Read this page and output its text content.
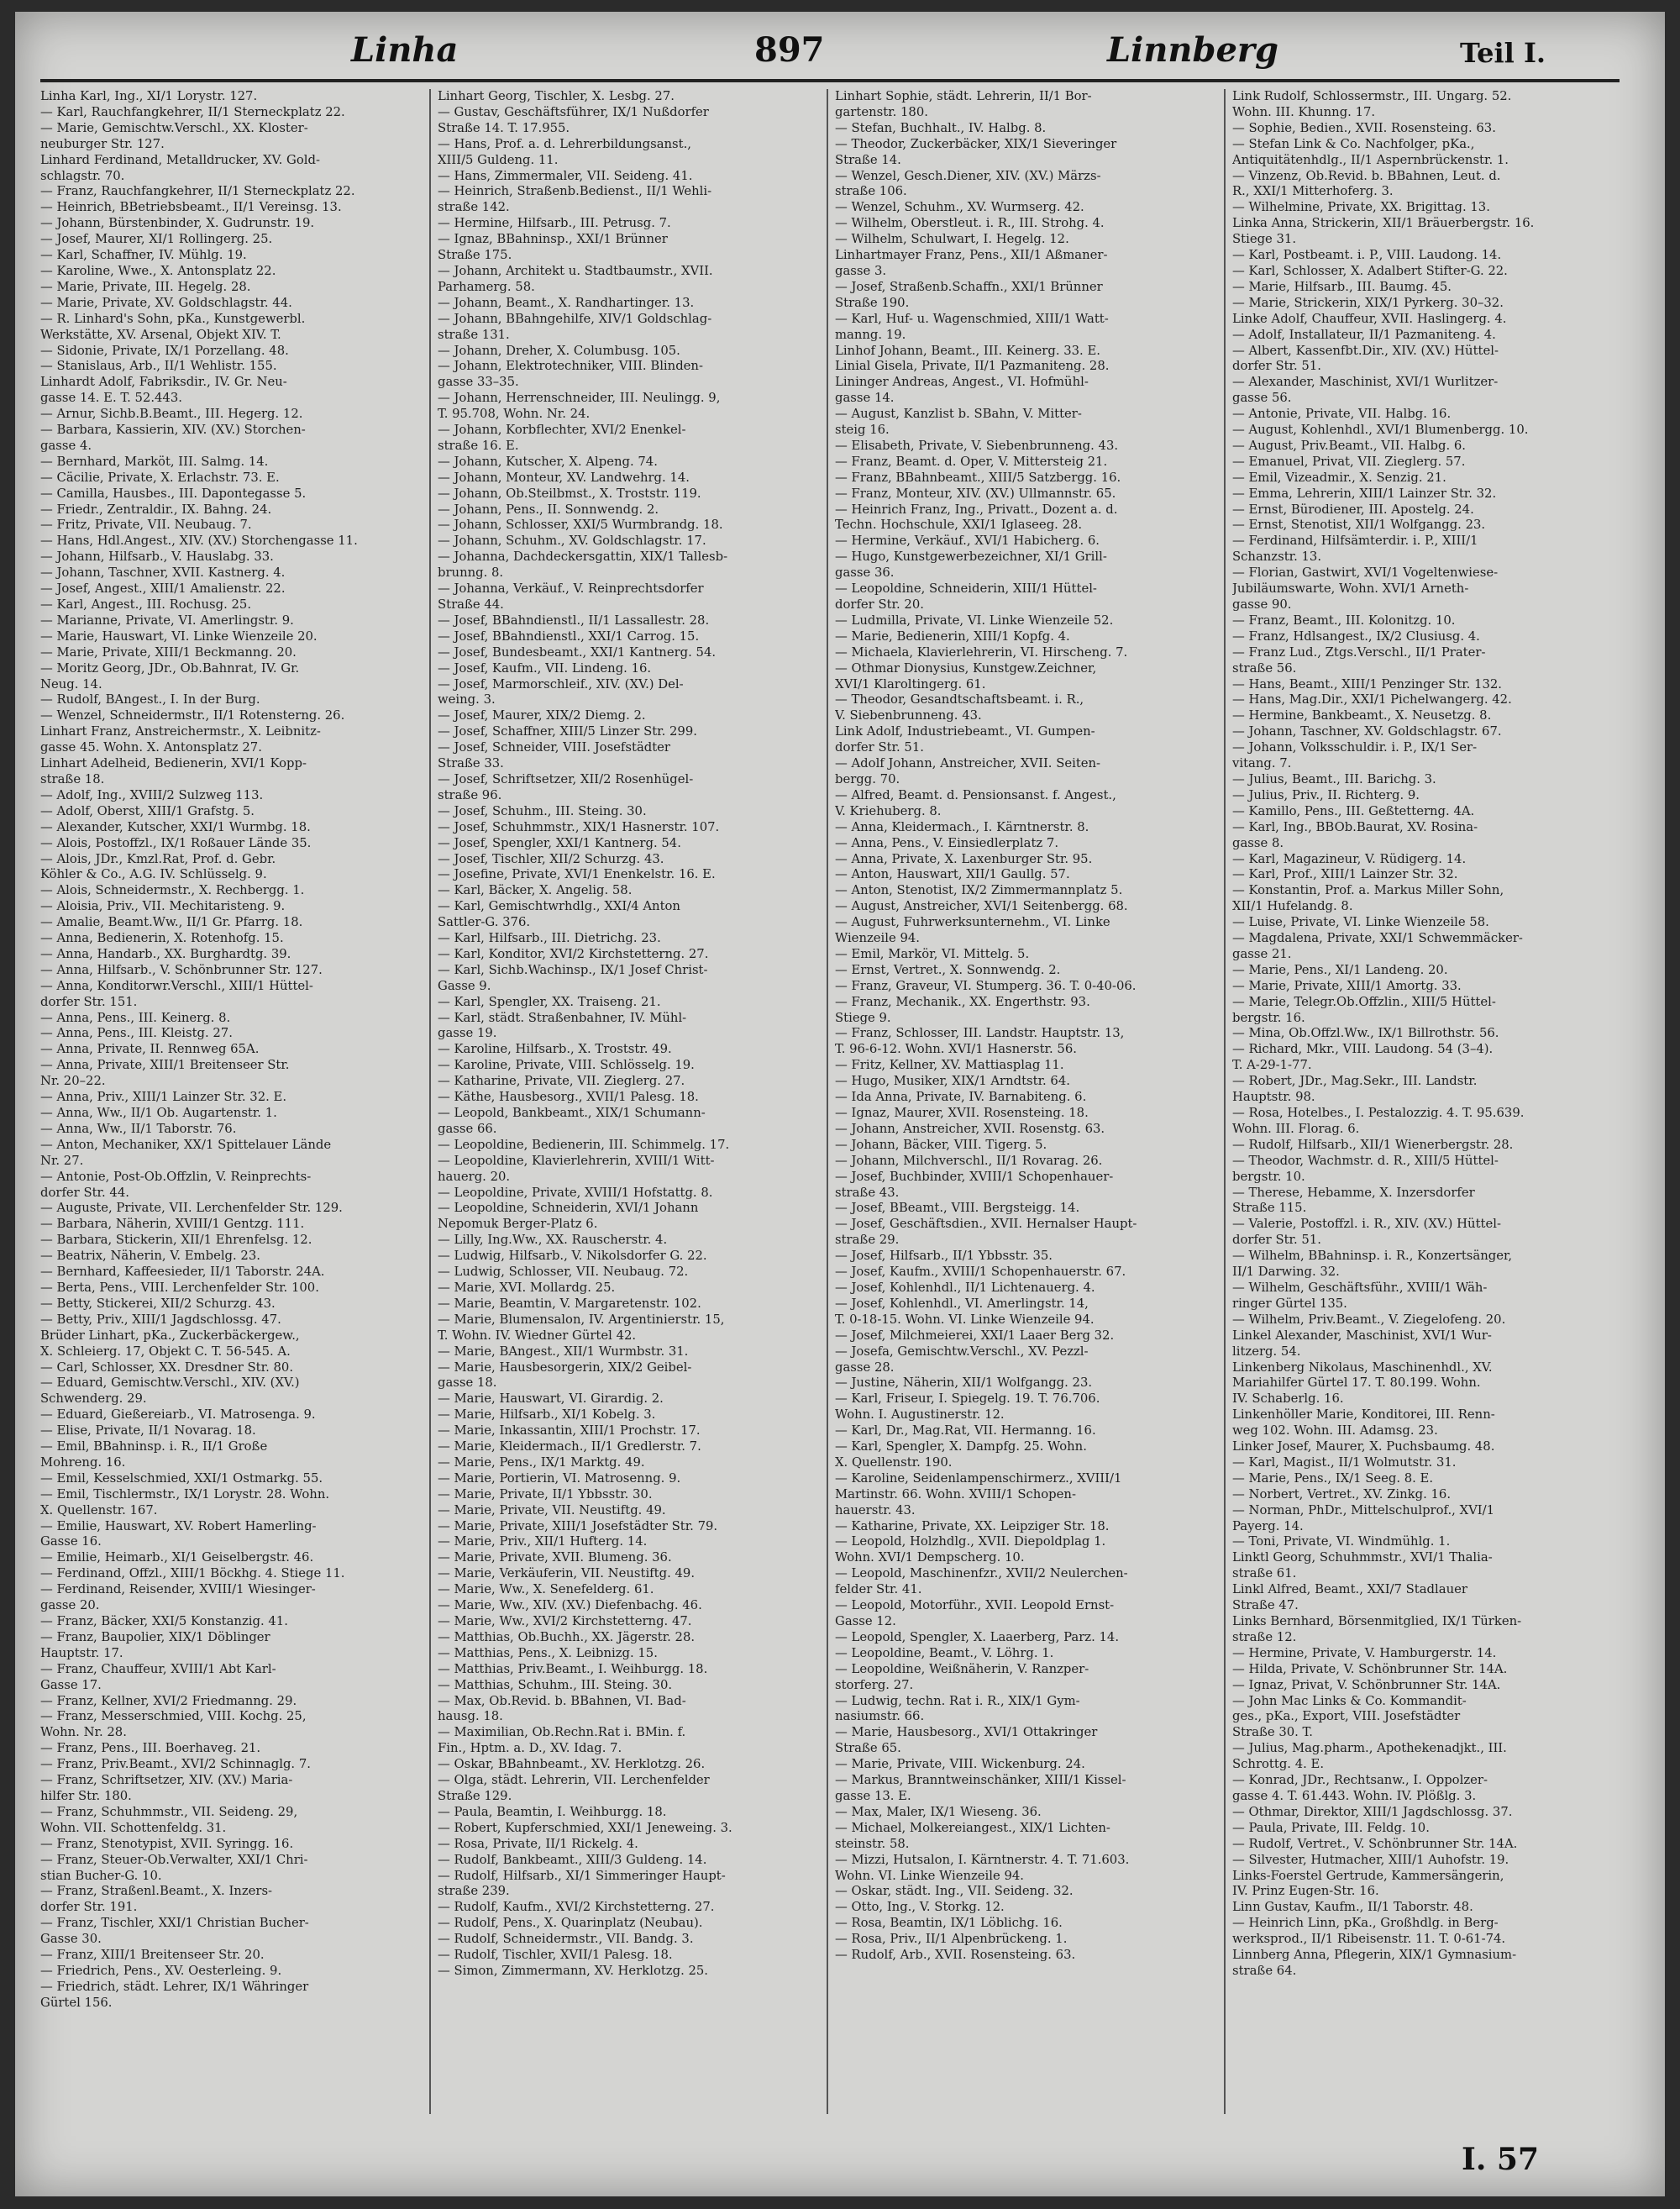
Linha	897	Linnberg	Teil I.
Linha Karl, Ing., XI/1 Lorystr. 127.
— Karl, Rauchfangkehrer, II/1 Sterneckplatz 22.
— Marie, Gemischtw.Verschl., XX. Kloster-
neuburger Str. 127.
Linhard Ferdinand, Metalldrucker, XV. Gold-
schlagstr. 70.
— Franz, Rauchfangkehrer, II/1 Sterneckplatz 22.
— Heinrich, BBetriebsbeamt., II/1 Vereinsg. 13.
— Johann, Bürstenbinder, X. Gudrunstr. 19.
— Josef, Maurer, XI/1 Rollingerg. 25.
— Karl, Schaffner, IV. Mühlg. 19.
— Karoline, Wwe., X. Antonsplatz 22.
— Marie, Private, III. Hegelg. 28.
— Marie, Private, XV. Goldschlagstr. 44.
— R. Linhard's Sohn, pKa., Kunstgewerbl.
Werkstätte, XV. Arsenal, Objekt XIV. T.
— Sidonie, Private, IX/1 Porzellang. 48.
— Stanislaus, Arb., II/1 Wehlistr. 155.
Linhardt Adolf, Fabriksdir., IV. Gr. Neu-
gasse 14. E. T. 52.443.
— Arnur, Sichb.B.Beamt., III. Hegerg. 12.
— Barbara, Kassierin, XIV. (XV.) Storchen-
gasse 4.
— Bernhard, Marköt, III. Salmg. 14.
— Cäcilie, Private, X. Erlachstr. 73. E.
— Camilla, Hausbes., III. Dapontegasse 5.
— Friedr., Zentraldir., IX. Bahng. 24.
— Fritz, Private, VII. Neubaug. 7.
— Hans, Hdl.Angest., XIV. (XV.) Storchengasse 11.
— Johann, Hilfsarb., V. Hauslabg. 33.
— Johann, Taschner, XVII. Kastnerg. 4.
— Josef, Angest., XIII/1 Amalienstr. 22.
— Karl, Angest., III. Rochusg. 25.
— Marianne, Private, VI. Amerlingstr. 9.
— Marie, Hauswart, VI. Linke Wienzeile 20.
— Marie, Private, XIII/1 Beckmanng. 20.
— Moritz Georg, JDr., Ob.Bahnrat, IV. Gr.
Neug. 14.
— Rudolf, BAngest., I. In der Burg.
— Wenzel, Schneidermstr., II/1 Rotensterng. 26.
Linhart Franz, Anstreichermstr., X. Leibnitz-
gasse 45. Wohn. X. Antonsplatz 27.
Linhart Adelheid, Bedienerin, XVI/1 Kopp-
straße 18.
— Adolf, Ing., XVIII/2 Sulzweg 113.
— Adolf, Oberst, XIII/1 Grafstg. 5.
— Alexander, Kutscher, XXI/1 Wurmbg. 18.
— Alois, Postoffzl., IX/1 Roßauer Lände 35.
— Alois, JDr., Kmzl.Rat, Prof. d. Gebr.
Köhler & Co., A.G. IV. Schlüsselg. 9.
— Alois, Schneidermstr., X. Rechbergg. 1.
— Aloisia, Priv., VII. Mechitaristeng. 9.
— Amalie, Beamt.Ww., II/1 Gr. Pfarrg. 18.
— Anna, Bedienerin, X. Rotenhofg. 15.
— Anna, Handarb., XX. Burghardtg. 39.
— Anna, Hilfsarb., V. Schönbrunner Str. 127.
— Anna, Konditorwr.Verschl., XIII/1 Hüttel-
dorfer Str. 151.
— Anna, Pens., III. Keinerg. 8.
— Anna, Pens., III. Kleistg. 27.
— Anna, Private, II. Rennweg 65A.
— Anna, Private, XIII/1 Breitenseer Str.
Nr. 20–22.
— Anna, Priv., XIII/1 Lainzer Str. 32. E.
— Anna, Ww., II/1 Ob. Augartenstr. 1.
— Anna, Ww., II/1 Taborstr. 76.
— Anton, Mechaniker, XX/1 Spittelauer Lände
Nr. 27.
— Antonie, Post-Ob.Offzlin, V. Reinprechts-
dorfer Str. 44.
— Auguste, Private, VII. Lerchenfelder Str. 129.
— Barbara, Näherin, XVIII/1 Gentzg. 111.
— Barbara, Stickerin, XII/1 Ehrenfelsg. 12.
— Beatrix, Näherin, V. Embelg. 23.
— Bernhard, Kaffeesieder, II/1 Taborstr. 24A.
— Berta, Pens., VIII. Lerchenfelder Str. 100.
— Betty, Stickerei, XII/2 Schurzg. 43.
— Betty, Priv., XIII/1 Jagdschlossg. 47.
Brüder Linhart, pKa., Zuckerbäckergew.,
X. Schleierg. 17, Objekt C. T. 56-545. A.
— Carl, Schlosser, XX. Dresdner Str. 80.
— Eduard, Gemischtw.Verschl., XIV. (XV.)
Schwenderg. 29.
— Eduard, Gießereiarb., VI. Matrosenga. 9.
— Elise, Private, II/1 Novarag. 18.
— Emil, BBahninsp. i. R., II/1 Große
Mohreng. 16.
— Emil, Kesselschmied, XXI/1 Ostmarkg. 55.
— Emil, Tischlermstr., IX/1 Lorystr. 28. Wohn.
X. Quellenstr. 167.
— Emilie, Hauswart, XV. Robert Hamerling-
Gasse 16.
— Emilie, Heimarb., XI/1 Geiselbergstr. 46.
— Ferdinand, Offzl., XIII/1 Böckhg. 4. Stiege 11.
— Ferdinand, Reisender, XVIII/1 Wiesinger-
gasse 20.
— Franz, Bäcker, XXI/5 Konstanzig. 41.
— Franz, Baupolier, XIX/1 Döblinger
Hauptstr. 17.
— Franz, Chauffeur, XVIII/1 Abt Karl-
Gasse 17.
— Franz, Kellner, XVI/2 Friedmanng. 29.
— Franz, Messerschmied, VIII. Kochg. 25,
Wohn. Nr. 28.
— Franz, Pens., III. Boerhaveg. 21.
— Franz, Priv.Beamt., XVI/2 Schinnaglg. 7.
— Franz, Schriftsetzer, XIV. (XV.) Maria-
hilfer Str. 180.
— Franz, Schuhmmstr., VII. Seideng. 29,
Wohn. VII. Schottenfeldg. 31.
— Franz, Stenotypist, XVII. Syringg. 16.
— Franz, Steuer-Ob.Verwalter, XXI/1 Chri-
stian Bucher-G. 10.
— Franz, Straßenl.Beamt., X. Inzers-
dorfer Str. 191.
— Franz, Tischler, XXI/1 Christian Bucher-
Gasse 30.
— Franz, XIII/1 Breitenseer Str. 20.
— Friedrich, Pens., XV. Oesterleing. 9.
— Friedrich, städt. Lehrer, IX/1 Währinger
Gürtel 156.
Linhart Georg, Tischler, X. Lesbg. 27.
— Gustav, Geschäftsführer, IX/1 Nußdorfer
Straße 14. T. 17.955.
— Hans, Prof. a. d. Lehrerbildungsanst.,
XIII/5 Guldeng. 11.
— Hans, Zimmermaler, VII. Seideng. 41.
— Heinrich, Straßenb.Bedienst., II/1 Wehli-
straße 142.
— Hermine, Hilfsarb., III. Petrusg. 7.
— Ignaz, BBahninsp., XXI/1 Brünner
Straße 175.
— Johann, Architekt u. Stadtbaumstr., XVII.
Parhamerg. 58.
— Johann, Beamt., X. Randhartinger. 13.
— Johann, BBahngehilfe, XIV/1 Goldschlag-
straße 131.
— Johann, Dreher, X. Columbusg. 105.
— Johann, Elektrotechniker, VIII. Blinden-
gasse 33–35.
— Johann, Herrenschneider, III. Neulingg. 9,
T. 95.708, Wohn. Nr. 24.
— Johann, Korbflechter, XVI/2 Enenkel-
straße 16. E.
— Johann, Kutscher, X. Alpeng. 74.
— Johann, Monteur, XV. Landwehrg. 14.
— Johann, Ob.Steilbmst., X. Troststr. 119.
— Johann, Pens., II. Sonnwendg. 2.
— Johann, Schlosser, XXI/5 Wurmbrandg. 18.
— Johann, Schuhm., XV. Goldschlagstr. 17.
— Johanna, Dachdeckersgattin, XIX/1 Tallesb-
brunng. 8.
— Johanna, Verkäuf., V. Reinprechtsdorfer
Straße 44.
— Josef, BBahndienstl., II/1 Lassallestr. 28.
— Josef, BBahndienstl., XXI/1 Carrog. 15.
— Josef, Bundesbeamt., XXI/1 Kantnerg. 54.
— Josef, Kaufm., VII. Lindeng. 16.
— Josef, Marmorschleif., XIV. (XV.) Del-
weing. 3.
— Josef, Maurer, XIX/2 Diemg. 2.
— Josef, Schaffner, XIII/5 Linzer Str. 299.
— Josef, Schneider, VIII. Josefstädter
Straße 33.
— Josef, Schriftsetzer, XII/2 Rosenhügel-
straße 96.
— Josef, Schuhm., III. Steing. 30.
— Josef, Schuhmmstr., XIX/1 Hasnerstr. 107.
— Josef, Spengler, XXI/1 Kantnerg. 54.
— Josef, Tischler, XII/2 Schurzg. 43.
— Josefine, Private, XVI/1 Enenkelstr. 16. E.
— Karl, Bäcker, X. Angelig. 58.
— Karl, Gemischtwrhdlg., XXI/4 Anton
Sattler-G. 376.
— Karl, Hilfsarb., III. Dietrichg. 23.
— Karl, Konditor, XVI/2 Kirchstetterng. 27.
— Karl, Sichb.Wachinsp., IX/1 Josef Christ-
Gasse 9.
— Karl, Spengler, XX. Traiseng. 21.
— Karl, städt. Straßenbahner, IV. Mühl-
gasse 19.
— Karoline, Hilfsarb., X. Troststr. 49.
— Karoline, Private, VIII. Schlösselg. 19.
— Katharine, Private, VII. Zieglerg. 27.
— Käthe, Hausbesorg., XVII/1 Palesg. 18.
— Leopold, Bankbeamt., XIX/1 Schumann-
gasse 66.
— Leopoldine, Bedienerin, III. Schimmelg. 17.
— Leopoldine, Klavierlehrerin, XVIII/1 Witt-
hauerg. 20.
— Leopoldine, Private, XVIII/1 Hofstattg. 8.
— Leopoldine, Schneiderin, XVI/1 Johann
Nepomuk Berger-Platz 6.
— Lilly, Ing.Ww., XX. Rauscherstr. 4.
— Ludwig, Hilfsarb., V. Nikolsdorfer G. 22.
— Ludwig, Schlosser, VII. Neubaug. 72.
— Marie, XVI. Mollardg. 25.
— Marie, Beamtin, V. Margaretenstr. 102.
— Marie, Blumensalon, IV. Argentinierstr. 15,
T. Wohn. IV. Wiedner Gürtel 42.
— Marie, BAngest., XII/1 Wurmbstr. 31.
— Marie, Hausbesorgerin, XIX/2 Geibel-
gasse 18.
— Marie, Hauswart, VI. Girardig. 2.
— Marie, Hilfsarb., XI/1 Kobelg. 3.
— Marie, Inkassantin, XIII/1 Prochstr. 17.
— Marie, Kleidermach., II/1 Gredlerstr. 7.
— Marie, Pens., IX/1 Marktg. 49.
— Marie, Portierin, VI. Matrosenng. 9.
— Marie, Private, II/1 Ybbsstr. 30.
— Marie, Private, VII. Neustiftg. 49.
— Marie, Private, XIII/1 Josefstädter Str. 79.
— Marie, Priv., XII/1 Hufterg. 14.
— Marie, Private, XVII. Blumeng. 36.
— Marie, Verkäuferin, VII. Neustiftg. 49.
— Marie, Ww., X. Senefelderg. 61.
— Marie, Ww., XIV. (XV.) Diefenbachg. 46.
— Marie, Ww., XVI/2 Kirchstetterng. 47.
— Matthias, Ob.Buchh., XX. Jägerstr. 28.
— Matthias, Pens., X. Leibnizg. 15.
— Matthias, Priv.Beamt., I. Weihburgg. 18.
— Matthias, Schuhm., III. Steing. 30.
— Max, Ob.Revid. b. BBahnen, VI. Bad-
hausg. 18.
— Maximilian, Ob.Rechn.Rat i. BMin. f.
Fin., Hptm. a. D., XV. Idag. 7.
— Oskar, BBahnbeamt., XV. Herklotzg. 26.
— Olga, städt. Lehrerin, VII. Lerchenfelder
Straße 129.
— Paula, Beamtin, I. Weihburgg. 18.
— Robert, Kupferschmied, XXI/1 Jeneweing. 3.
— Rosa, Private, II/1 Rickelg. 4.
— Rudolf, Bankbeamt., XIII/3 Guldeng. 14.
— Rudolf, Hilfsarb., XI/1 Simmeringer Haupt-
straße 239.
— Rudolf, Kaufm., XVI/2 Kirchstetterng. 27.
— Rudolf, Pens., X. Quarinplatz (Neubau).
— Rudolf, Schneidermstr., VII. Bandg. 3.
— Rudolf, Tischler, XVII/1 Palesg. 18.
— Simon, Zimmermann, XV. Herklotzg. 25.
Linhart Sophie, städt. Lehrerin, II/1 Bor-
gartenstr. 180.
— Stefan, Buchhalt., IV. Halbg. 8.
— Theodor, Zuckerbäcker, XIX/1 Sieveringer
Straße 14.
— Wenzel, Gesch.Diener, XIV. (XV.) Märzs-
straße 106.
— Wenzel, Schuhm., XV. Wurmserg. 42.
— Wilhelm, Oberstleut. i. R., III. Strohg. 4.
— Wilhelm, Schulwart, I. Hegelg. 12.
Linhartmayer Franz, Pens., XII/1 Aßmaner-
gasse 3.
— Josef, Straßenb.Schaffn., XXI/1 Brünner
Straße 190.
— Karl, Huf- u. Wagenschmied, XIII/1 Watt-
manng. 19.
Linhof Johann, Beamt., III. Keinerg. 33. E.
Linial Gisela, Private, II/1 Pazmaniteng. 28.
Lininger Andreas, Angest., VI. Hofmühl-
gasse 14.
— August, Kanzlist b. SBahn, V. Mitter-
steig 16.
— Elisabeth, Private, V. Siebenbrunneng. 43.
— Franz, Beamt. d. Oper, V. Mittersteig 21.
— Franz, BBahnbeamt., XIII/5 Satzbergg. 16.
— Franz, Monteur, XIV. (XV.) Ullmannstr. 65.
— Heinrich Franz, Ing., Privatt., Dozent a. d.
Techn. Hochschule, XXI/1 Iglaseeg. 28.
— Hermine, Verkäuf., XVI/1 Habicherg. 6.
— Hugo, Kunstgewerbezeichner, XI/1 Grill-
gasse 36.
— Leopoldine, Schneiderin, XIII/1 Hüttel-
dorfer Str. 20.
— Ludmilla, Private, VI. Linke Wienzeile 52.
— Marie, Bedienerin, XIII/1 Kopfg. 4.
— Michaela, Klavierlehrerin, VI. Hirscheng. 7.
— Othmar Dionysius, Kunstgew.Zeichner,
XVI/1 Klaroltingerg. 61.
— Theodor, Gesandtschaftsbeamt. i. R.,
V. Siebenbrunneng. 43.
Link Adolf, Industriebeamt., VI. Gumpen-
dorfer Str. 51.
— Adolf Johann, Anstreicher, XVII. Seiten-
bergg. 70.
— Alfred, Beamt. d. Pensionsanst. f. Angest.,
V. Kriehuberg. 8.
— Anna, Kleidermach., I. Kärntnerstr. 8.
— Anna, Pens., V. Einsiedlerplatz 7.
— Anna, Private, X. Laxenburger Str. 95.
— Anton, Hauswart, XII/1 Gaullg. 57.
— Anton, Stenotist, IX/2 Zimmermannplatz 5.
— August, Anstreicher, XVI/1 Seitenbergg. 68.
— August, Fuhrwerksunternehm., VI. Linke
Wienzeile 94.
— Emil, Markör, VI. Mittelg. 5.
— Ernst, Vertret., X. Sonnwendg. 2.
— Franz, Graveur, VI. Stumperg. 36. T. 0-40-06.
— Franz, Mechanik., XX. Engerthstr. 93.
Stiege 9.
— Franz, Schlosser, III. Landstr. Hauptstr. 13,
T. 96-6-12. Wohn. XVI/1 Hasnerstr. 56.
— Fritz, Kellner, XV. Mattiasplag 11.
— Hugo, Musiker, XIX/1 Arndtstr. 64.
— Ida Anna, Private, IV. Barnabiteng. 6.
— Ignaz, Maurer, XVII. Rosensteing. 18.
— Johann, Anstreicher, XVII. Rosenstg. 63.
— Johann, Bäcker, VIII. Tigerg. 5.
— Johann, Milchverschl., II/1 Rovarag. 26.
— Josef, Buchbinder, XVIII/1 Schopenhauer-
straße 43.
— Josef, BBeamt., VIII. Bergsteigg. 14.
— Josef, Geschäftsdien., XVII. Hernalser Haupt-
straße 29.
— Josef, Hilfsarb., II/1 Ybbsstr. 35.
— Josef, Kaufm., XVIII/1 Schopenhauerstr. 67.
— Josef, Kohlenhdl., II/1 Lichtenauerg. 4.
— Josef, Kohlenhdl., VI. Amerlingstr. 14,
T. 0-18-15. Wohn. VI. Linke Wienzeile 94.
— Josef, Milchmeierei, XXI/1 Laaer Berg 32.
— Josefa, Gemischtw.Verschl., XV. Pezzl-
gasse 28.
— Justine, Näherin, XII/1 Wolfgangg. 23.
— Karl, Friseur, I. Spiegelg. 19. T. 76.706.
Wohn. I. Augustinerstr. 12.
— Karl, Dr., Mag.Rat, VII. Hermanng. 16.
— Karl, Spengler, X. Dampfg. 25. Wohn.
X. Quellenstr. 190.
— Karoline, Seidenlampenschirmerz., XVIII/1
Martinstr. 66. Wohn. XVIII/1 Schopen-
hauerstr. 43.
— Katharine, Private, XX. Leipziger Str. 18.
— Leopold, Holzhdlg., XVII. Diepoldplag 1.
Wohn. XVI/1 Dempscherg. 10.
— Leopold, Maschinenfzr., XVII/2 Neulerchen-
felder Str. 41.
— Leopold, Motorführ., XVII. Leopold Ernst-
Gasse 12.
— Leopold, Spengler, X. Laaerberg, Parz. 14.
— Leopoldine, Beamt., V. Löhrg. 1.
— Leopoldine, Weißnäherin, V. Ranzper-
storferg. 27.
— Ludwig, techn. Rat i. R., XIX/1 Gym-
nasiumstr. 66.
— Marie, Hausbesorg., XVI/1 Ottakringer
Straße 65.
— Marie, Private, VIII. Wickenburg. 24.
— Markus, Branntweinschänker, XIII/1 Kissel-
gasse 13. E.
— Max, Maler, IX/1 Wieseng. 36.
— Michael, Molkereiangest., XIX/1 Lichten-
steinstr. 58.
— Mizzi, Hutsalon, I. Kärntnerstr. 4. T. 71.603.
Wohn. VI. Linke Wienzeile 94.
— Oskar, städt. Ing., VII. Seideng. 32.
— Otto, Ing., V. Storkg. 12.
— Rosa, Beamtin, IX/1 Löblichg. 16.
— Rosa, Priv., II/1 Alpenbrückeng. 1.
— Rudolf, Arb., XVII. Rosensteing. 63.
Link Rudolf, Schlossermstr., III. Ungarg. 52.
Wohn. III. Khunng. 17.
— Sophie, Bedien., XVII. Rosensteing. 63.
— Stefan Link & Co. Nachfolger, pKa.,
Antiquitätenhdlg., II/1 Aspernbrückenstr. 1.
— Vinzenz, Ob.Revid. b. BBahnen, Leut. d.
R., XXI/1 Mitterhoferg. 3.
— Wilhelmine, Private, XX. Brigittag. 13.
Linka Anna, Strickerin, XII/1 Bräuerbergstr. 16.
Stiege 31.
— Karl, Postbeamt. i. P., VIII. Laudong. 14.
— Karl, Schlosser, X. Adalbert Stifter-G. 22.
— Marie, Hilfsarb., III. Baumg. 45.
— Marie, Strickerin, XIX/1 Pyrkerg. 30–32.
Linke Adolf, Chauffeur, XVII. Haslingerg. 4.
— Adolf, Installateur, II/1 Pazmaniteng. 4.
— Albert, Kassenfbt.Dir., XIV. (XV.) Hüttel-
dorfer Str. 51.
— Alexander, Maschinist, XVI/1 Wurlitzer-
gasse 56.
— Antonie, Private, VII. Halbg. 16.
— August, Kohlenhdl., XVI/1 Blumenbergg. 10.
— August, Priv.Beamt., VII. Halbg. 6.
— Emanuel, Privat, VII. Zieglerg. 57.
— Emil, Vizeadmir., X. Senzig. 21.
— Emma, Lehrerin, XIII/1 Lainzer Str. 32.
— Ernst, Bürodiener, III. Apostelg. 24.
— Ernst, Stenotist, XII/1 Wolfgangg. 23.
— Ferdinand, Hilfsämterdir. i. P., XIII/1
Schanzstr. 13.
— Florian, Gastwirt, XVI/1 Vogeltenwiese-
Jubiläumswarte, Wohn. XVI/1 Arneth-
gasse 90.
— Franz, Beamt., III. Kolonitzg. 10.
— Franz, Hdlsangest., IX/2 Clusiusg. 4.
— Franz Lud., Ztgs.Verschl., II/1 Prater-
straße 56.
— Hans, Beamt., XIII/1 Penzinger Str. 132.
— Hans, Mag.Dir., XXI/1 Pichelwangerg. 42.
— Hermine, Bankbeamt., X. Neusetzg. 8.
— Johann, Taschner, XV. Goldschlagstr. 67.
— Johann, Volksschuldir. i. P., IX/1 Ser-
vitang. 7.
— Julius, Beamt., III. Barichg. 3.
— Julius, Priv., II. Richterg. 9.
— Kamillo, Pens., III. Geßtetterng. 4A.
— Karl, Ing., BBOb.Baurat, XV. Rosina-
gasse 8.
— Karl, Magazineur, V. Rüdigerg. 14.
— Karl, Prof., XIII/1 Lainzer Str. 32.
— Konstantin, Prof. a. Markus Miller Sohn,
XII/1 Hufelandg. 8.
— Luise, Private, VI. Linke Wienzeile 58.
— Magdalena, Private, XXI/1 Schwemmäcker-
gasse 21.
— Marie, Pens., XI/1 Landeng. 20.
— Marie, Private, XIII/1 Amortg. 33.
— Marie, Telegr.Ob.Offzlin., XIII/5 Hüttel-
bergstr. 16.
— Mina, Ob.Offzl.Ww., IX/1 Billrothstr. 56.
— Richard, Mkr., VIII. Laudong. 54 (3–4).
T. A-29-1-77.
— Robert, JDr., Mag.Sekr., III. Landstr.
Hauptstr. 98.
— Rosa, Hotelbes., I. Pestalozzig. 4. T. 95.639.
Wohn. III. Florag. 6.
— Rudolf, Hilfsarb., XII/1 Wienerbergstr. 28.
— Theodor, Wachmstr. d. R., XIII/5 Hüttel-
bergstr. 10.
— Therese, Hebamme, X. Inzersdorfer
Straße 115.
— Valerie, Postoffzl. i. R., XIV. (XV.) Hüttel-
dorfer Str. 51.
— Wilhelm, BBahninsp. i. R., Konzertsänger,
II/1 Darwing. 32.
— Wilhelm, Geschäftsführ., XVIII/1 Wäh-
ringer Gürtel 135.
— Wilhelm, Priv.Beamt., V. Ziegelofeng. 20.
Linkel Alexander, Maschinist, XVI/1 Wur-
litzerg. 54.
Linkenberg Nikolaus, Maschinenhdl., XV.
Mariahilfer Gürtel 17. T. 80.199. Wohn.
IV. Schaberlg. 16.
Linkenhöller Marie, Konditorei, III. Renn-
weg 102. Wohn. III. Adamsg. 23.
Linker Josef, Maurer, X. Puchsbaumg. 48.
— Karl, Magist., II/1 Wolmutstr. 31.
— Marie, Pens., IX/1 Seeg. 8. E.
— Norbert, Vertret., XV. Zinkg. 16.
— Norman, PhDr., Mittelschulprof., XVI/1
Payerg. 14.
— Toni, Private, VI. Windmühlg. 1.
Linktl Georg, Schuhmmstr., XVI/1 Thalia-
straße 61.
Linkl Alfred, Beamt., XXI/7 Stadlauer
Straße 47.
Links Bernhard, Börsenmitglied, IX/1 Türken-
straße 12.
— Hermine, Private, V. Hamburgerstr. 14.
— Hilda, Private, V. Schönbrunner Str. 14A.
— Ignaz, Privat, V. Schönbrunner Str. 14A.
— John Mac Links & Co. Kommandit-
ges., pKa., Export, VIII. Josefstädter
Straße 30. T.
— Julius, Mag.pharm., Apothekenadjkt., III.
Schrottg. 4. E.
— Konrad, JDr., Rechtsanw., I. Oppolzer-
gasse 4. T. 61.443. Wohn. IV. Plößlg. 3.
— Othmar, Direktor, XIII/1 Jagdschlossg. 37.
— Paula, Private, III. Feldg. 10.
— Rudolf, Vertret., V. Schönbrunner Str. 14A.
— Silvester, Hutmacher, XIII/1 Auhofstr. 19.
Links-Foerstel Gertrude, Kammersängerin,
IV. Prinz Eugen-Str. 16.
Linn Gustav, Kaufm., II/1 Taborstr. 48.
— Heinrich Linn, pKa., Großhdlg. in Berg-
werksprod., II/1 Ribeisenstr. 11. T. 0-61-74.
Linnberg Anna, Pflegerin, XIX/1 Gymnasium-
straße 64.
I. 57
